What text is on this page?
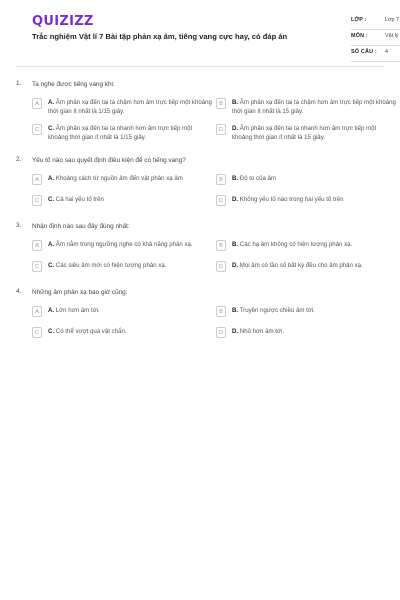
QUIZIZZ
Trắc nghiệm Vật lí 7 Bài tập phản xạ âm, tiếng vang cực hay, có đáp án
LỚP :	Lớp 7
MÔN :	Vật lý
SỐ CÂU : 4
1. Ta nghe được tiếng vang khi:
A	A. Âm phản xạ đến tai ta chậm hơn âm trực tiếp một khoảng thời gian ít nhất là 1/15 giây.
B	B. Âm phản xạ đến tai ta chậm hơn âm trực tiếp một khoảng thời gian ít nhất là 15 giây.
C	C. Âm phản xạ đến tai ta nhanh hơn âm trực tiếp một khoảng thời gian ít nhất là 1/15 giây.
D	D. Âm phản xạ đến tai ta nhanh hơn âm trực tiếp một khoảng thời gian ít nhất là 15 giây.
2. Yếu tố nào sau quyết định điều kiện để có tiếng vang?
A	A. Khoảng cách từ nguồn âm đến vật phản xạ âm	B	B. Độ to của âm
C	C. Cả hai yếu tố trên	D	D. Không yếu tố nào trong hai yếu tố trên
3. Nhận định nào sau đây đúng nhất:
A	A. Âm nằm trong ngưỡng nghe có khả năng phản xạ.	B	B. Các hạ âm không có hiện tượng phản xạ.
C	C. Các siêu âm mới có hiện tượng phản xạ.	D	D. Mọi âm có tần số bất kỳ đều cho âm phản xạ.
4. Những âm phản xạ bao giờ cũng:
A	A. Lớn hơn âm tới.	B	B. Truyền ngược chiều âm tới.
C	C. Có thể vượt qua vật chắn.	D	D. Nhỏ hơn âm tới.
